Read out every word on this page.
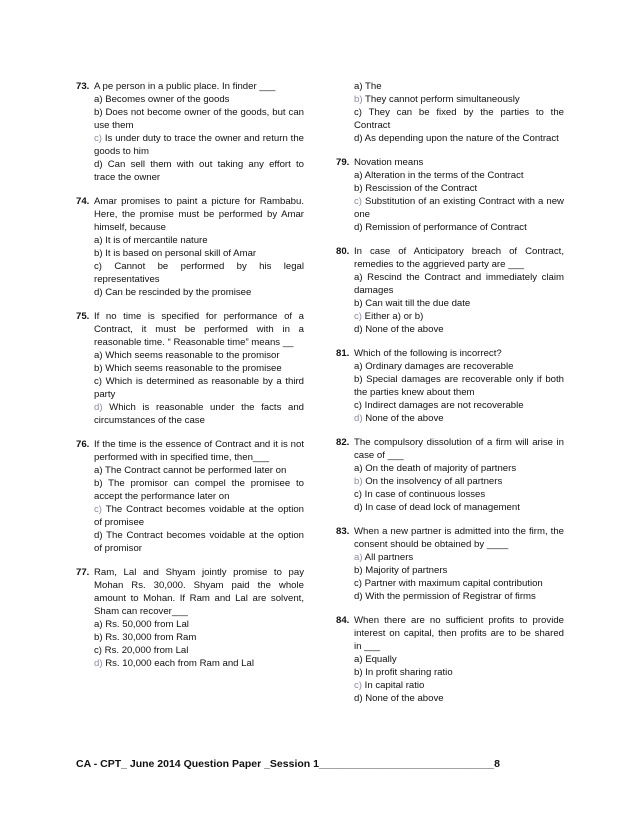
73. A pe person in a public place. In finder ___
a) Becomes owner of the goods
b) Does not become owner of the goods, but can use them
c) Is under duty to trace the owner and return the goods to him
d) Can sell them with out taking any effort to trace the owner
74. Amar promises to paint a picture for Rambabu. Here, the promise must be performed by Amar himself, because
a) It is of mercantile nature
b) It is based on personal skill of Amar
c) Cannot be performed by his legal representatives
d) Can be rescinded by the promisee
75. If no time is specified for performance of a Contract, it must be performed with in a reasonable time. “ Reasonable time” means __
a) Which seems reasonable to the promisor
b) Which seems reasonable to the promisee
c) Which is determined as reasonable by a third party
d) Which is reasonable under the facts and circumstances of the case
76. If the time is the essence of Contract and it is not performed with in specified time, then___
a) The Contract cannot be performed later on
b) The promisor can compel the promisee to accept the performance later on
c) The Contract becomes voidable at the option of promisee
d) The Contract becomes voidable at the option of promisor
77. Ram, Lal and Shyam jointly promise to pay Mohan Rs. 30,000. Shyam paid the whole amount to Mohan. If Ram and Lal are solvent, Sham can recover___
a) Rs. 50,000 from Lal
b) Rs. 30,000 from Ram
c) Rs. 20,000 from Lal
d) Rs. 10,000 each from Ram and Lal
a) The
b) They cannot perform simultaneously
c) They can be fixed by the parties to the Contract
d) As depending upon the nature of the Contract
79. Novation means
a) Alteration in the terms of the Contract
b) Rescission of the Contract
c) Substitution of an existing Contract with a new one
d) Remission of performance of Contract
80. In case of Anticipatory breach of Contract, remedies to the aggrieved party are ___
a) Rescind the Contract and immediately claim damages
b) Can wait till the due date
c) Either a) or b)
d) None of the above
81. Which of the following is incorrect?
a) Ordinary damages are recoverable
b) Special damages are recoverable only if both the parties knew about them
c) Indirect damages are not recoverable
d) None of the above
82. The compulsory dissolution of a firm will arise in case of ___
a) On the death of majority of partners
b) On the insolvency of all partners
c) In case of continuous losses
d) In case of dead lock of management
83. When a new partner is admitted into the firm, the consent should be obtained by ____
a) All partners
b) Majority of partners
c) Partner with maximum capital contribution
d) With the permission of Registrar of firms
84. When there are no sufficient profits to provide interest on capital, then profits are to be shared in ___
a) Equally
b) In profit sharing ratio
c) In capital ratio
d) None of the above
CA - CPT_ June 2014 Question Paper _Session 1______________________________8
